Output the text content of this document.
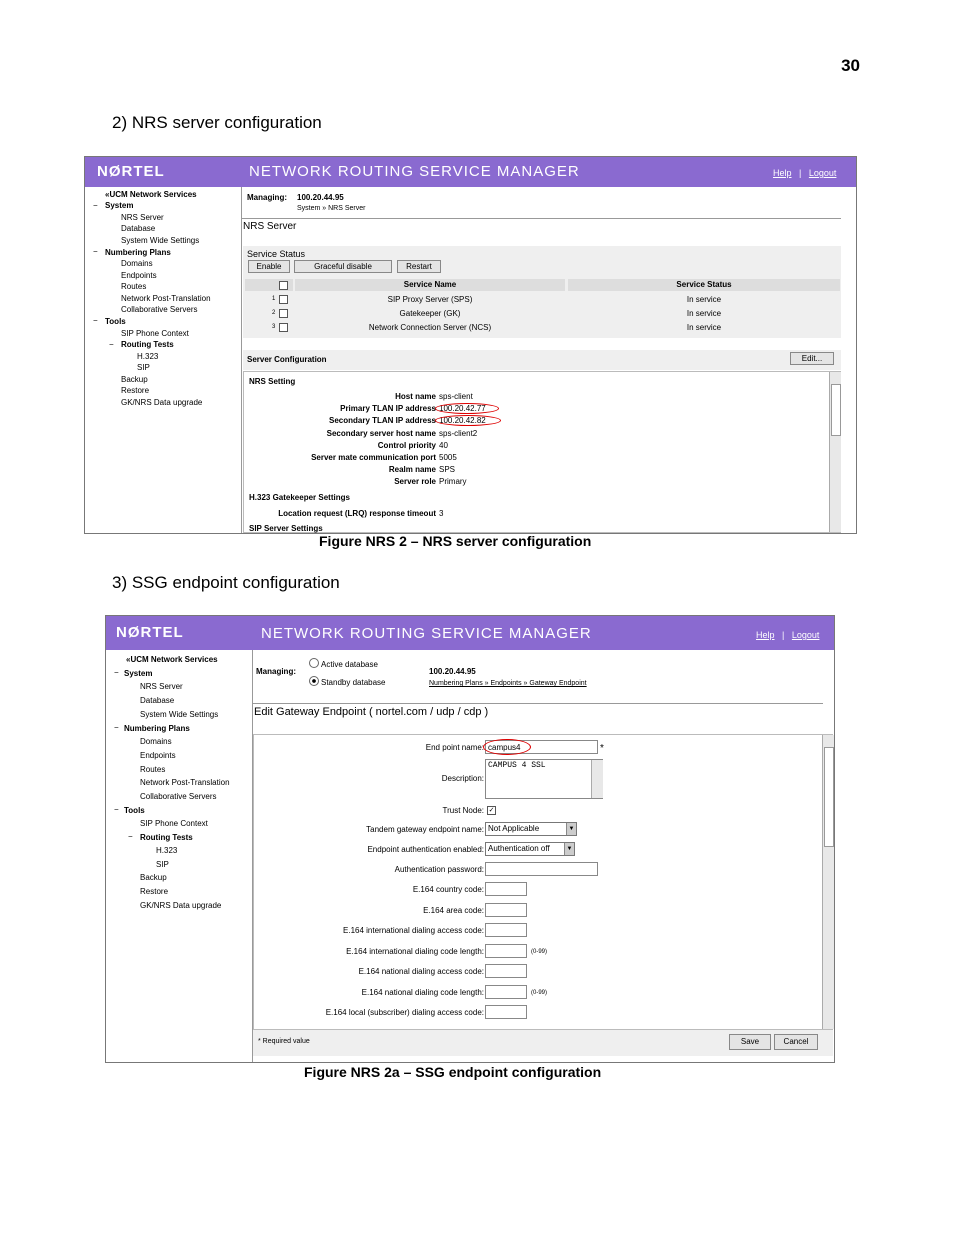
30
2) NRS server configuration
NØRTEL	NETWORK ROUTING SERVICE MANAGER	Help | Logout
«UCM Network Services
− System
NRS Server
Database
System Wide Settings
− Numbering Plans
Domains
Endpoints
Routes
Network Post-Translation
Collaborative Servers
− Tools
SIP Phone Context
− Routing Tests
H.323
SIP
Backup
Restore
GK/NRS Data upgrade
Managing: 100.20.44.95
System » NRS Server
NRS Server
Service Status
Enable	Graceful disable	Restart
Service Name	Service Status
1	SIP Proxy Server (SPS)	In service
2	Gatekeeper (GK)	In service
3	Network Connection Server (NCS)	In service
Server Configuration	Edit...
NRS Setting
Host name sps-client
Primary TLAN IP address 100.20.42.77
Secondary TLAN IP address 100.20.42.82
Secondary server host name sps-client2
Control priority 40
Server mate communication port 5005
Realm name SPS
Server role Primary
H.323 Gatekeeper Settings
Location request (LRQ) response timeout 3
SIP Server Settings
Figure NRS 2 – NRS server configuration
3) SSG endpoint configuration
NØRTEL	NETWORK ROUTING SERVICE MANAGER	Help | Logout
«UCM Network Services
− System
NRS Server
Database
System Wide Settings
− Numbering Plans
Domains
Endpoints
Routes
Network Post-Translation
Collaborative Servers
− Tools
SIP Phone Context
− Routing Tests
H.323
SIP
Backup
Restore
GK/NRS Data upgrade
Managing:
Active database
Standby database
100.20.44.95
Numbering Plans » Endpoints » Gateway Endpoint
Edit Gateway Endpoint ( nortel.com / udp / cdp )
End point name: campus4	*
Description:
CAMPUS 4 SSL
Trust Node: ✓
Tandem gateway endpoint name: Not Applicable	▼
Endpoint authentication enabled: Authentication off	▼
Authentication password:
E.164 country code:
E.164 area code:
E.164 international dialing access code:
E.164 international dialing code length:	(0-99)
E.164 national dialing access code:
E.164 national dialing code length:	(0-99)
E.164 local (subscriber) dialing access code:
* Required value	Save	Cancel
Figure NRS 2a – SSG endpoint configuration
